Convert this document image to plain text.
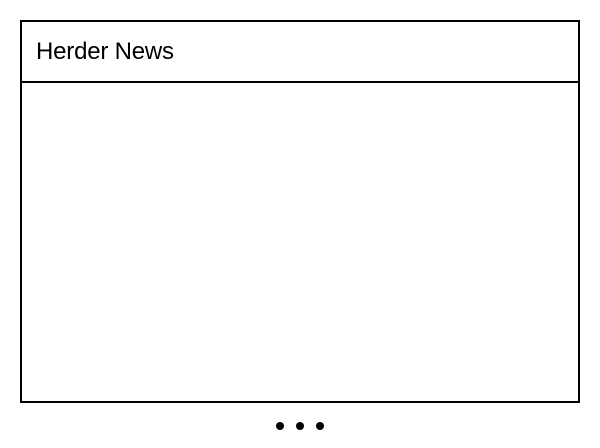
Herder News
